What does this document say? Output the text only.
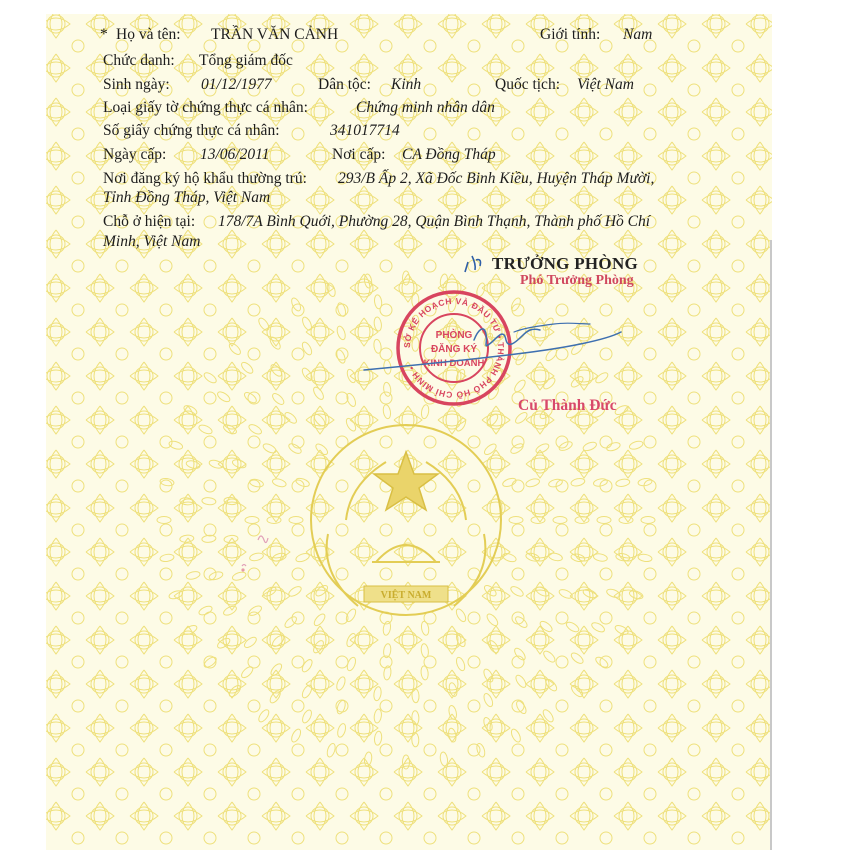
* Họ và tên: TRẦN VĂN CẢNH	Giới tính: Nam
Chức danh: Tổng giám đốc
Sinh ngày: 01/12/1977	Dân tộc: Kinh	Quốc tịch: Việt Nam
Loại giấy tờ chứng thực cá nhân:	Chứng minh nhân dân
Số giấy chứng thực cá nhân:	341017714
Ngày cấp: 13/06/2011	Nơi cấp: CA Đồng Tháp
Nơi đăng ký hộ khẩu thường trú: 293/B Ấp 2, Xã Đốc Binh Kiều, Huyện Tháp Mười,
Tỉnh Đồng Tháp, Việt Nam
Chỗ ở hiện tại: 178/7A Bình Quới, Phường 28, Quận Bình Thạnh, Thành phố Hồ Chí
Minh, Việt Nam
TRƯỞNG PHÒNG
Phó Trưởng Phòng
Củ Thành Đức
SỞ KẾ HOẠCH VÀ ĐẦU TƯ • THÀNH PHỐ HỒ CHÍ MINH •
PHÒNG
ĐĂNG KÝ
KINH DOANH
VIỆT NAM
